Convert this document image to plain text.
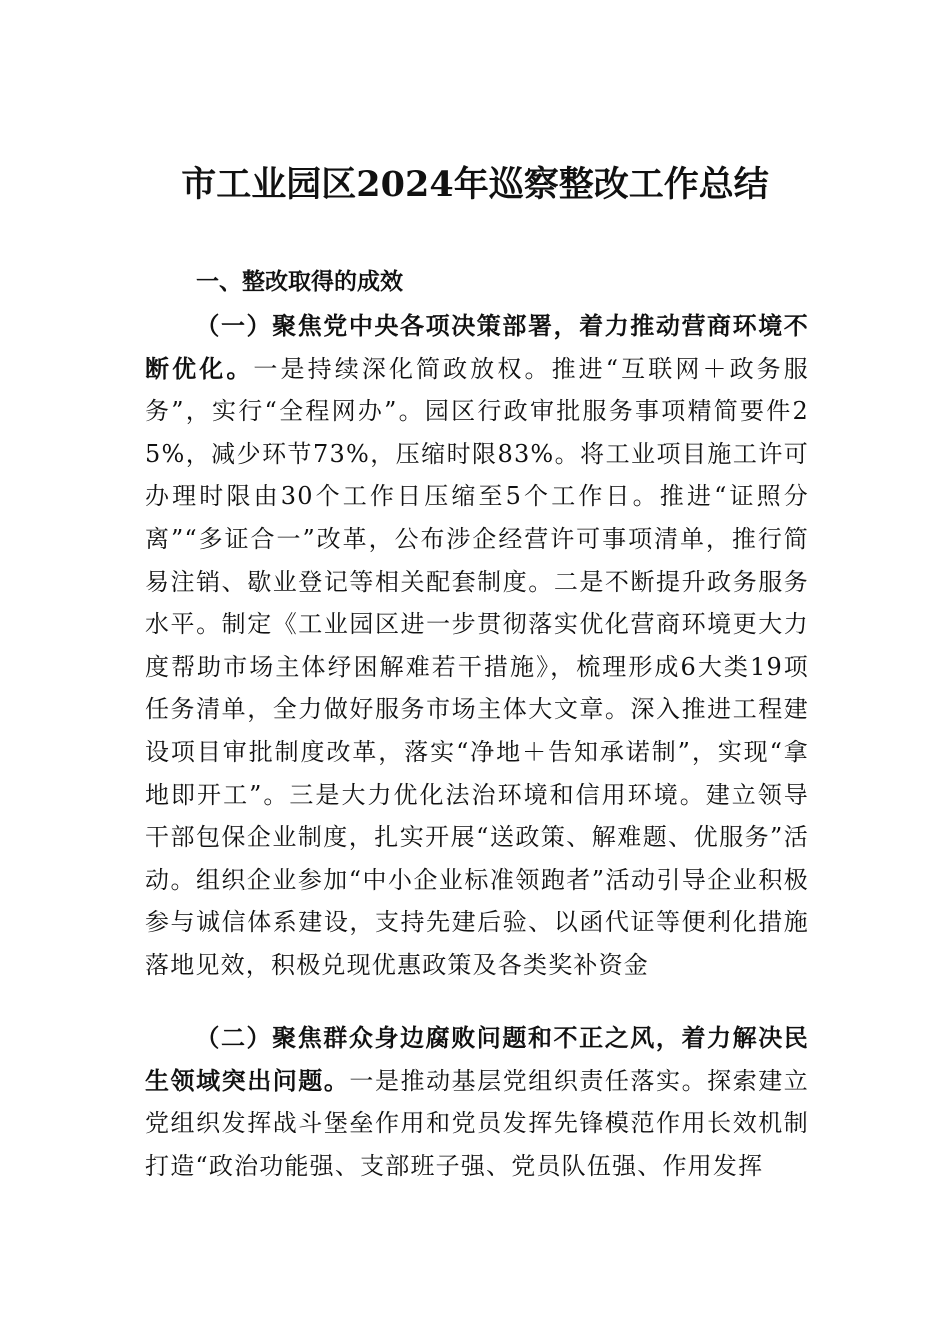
市工业园区2024年巡察整改工作总结
一、整改取得的成效

（一）聚焦党中央各项决策部署，着力推动营商环境不断优化。一是持续深化简政放权。推进“互联网＋政务服务”，实行“全程网办”。园区行政审批服务事项精简要件25%，减少环节73%，压缩时限83%。将工业项目施工许可办理时限由30个工作日压缩至5个工作日。推进“证照分离”“多证合一”改革，公布涉企经营许可事项清单，推行简易注销、歇业登记等相关配套制度。二是不断提升政务服务水平。制定《工业园区进一步贯彻落实优化营商环境更大力度帮助市场主体纾困解难若干措施》，梳理形成6大类19项任务清单，全力做好服务市场主体大文章。深入推进工程建设项目审批制度改革，落实“净地＋告知承诺制”，实现“拿地即开工”。三是大力优化法治环境和信用环境。建立领导干部包保企业制度，扎实开展“送政策、解难题、优服务”活动。组织企业参加“中小企业标准领跑者”活动引导企业积极参与诚信体系建设，支持先建后验、以函代证等便利化措施落地见效，积极兑现优惠政策及各类奖补资金

（二）聚焦群众身边腐败问题和不正之风，着力解决民生领域突出问题。一是推动基层党组织责任落实。探索建立党组织发挥战斗堡垒作用和党员发挥先锋模范作用长效机制打造“政治功能强、支部班子强、党员队伍强、作用发挥
